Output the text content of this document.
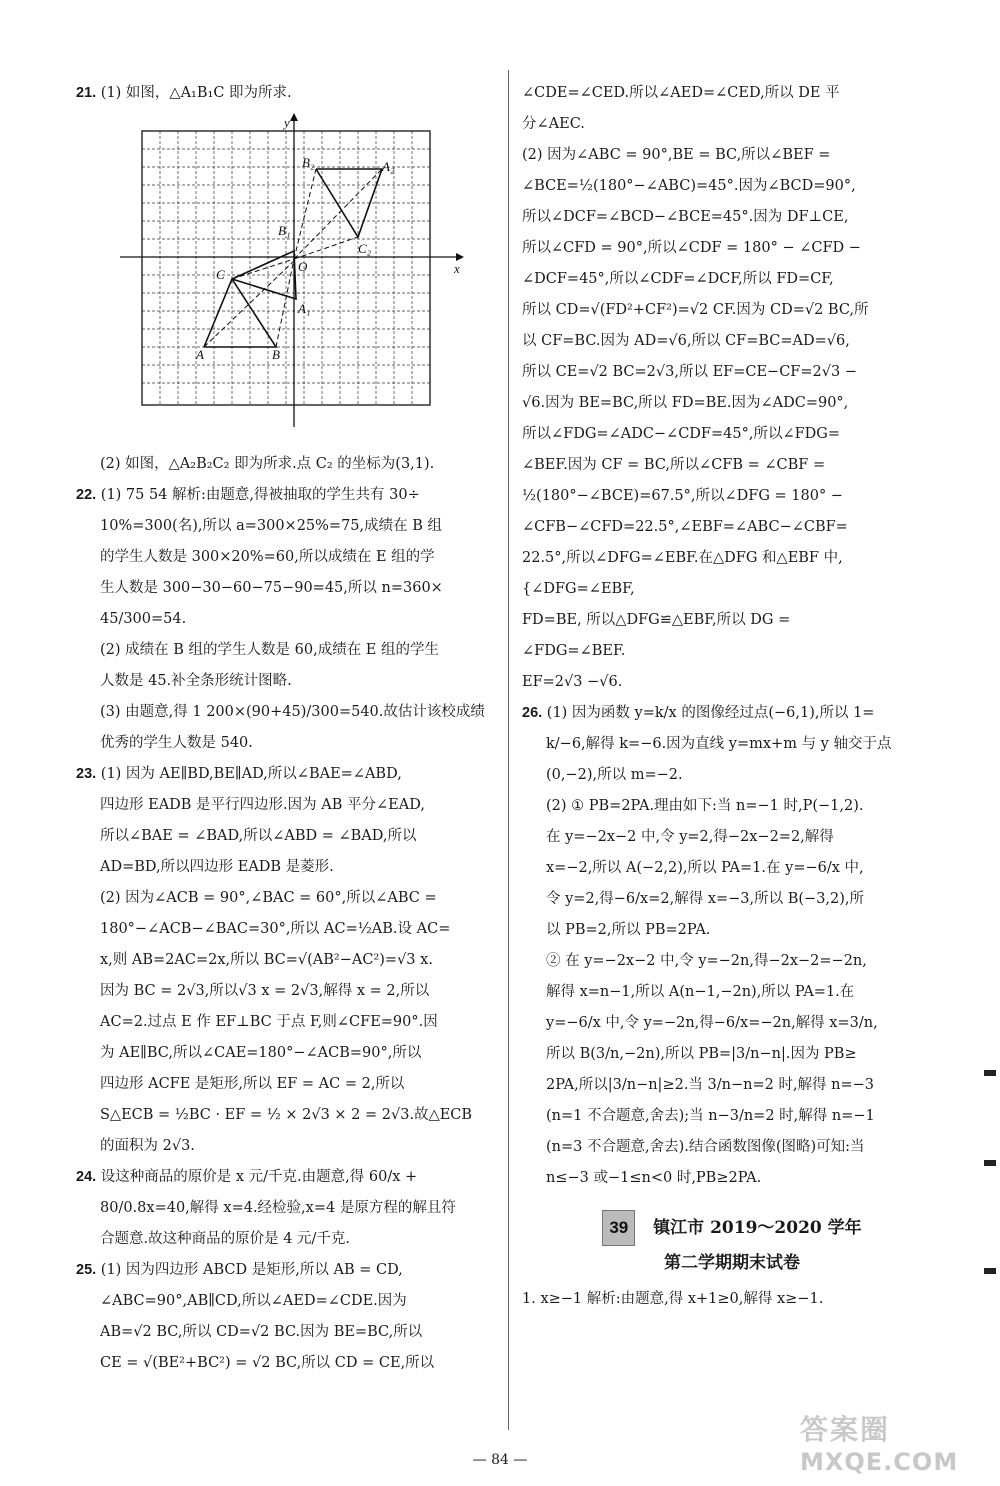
21. (1) 如图，△A₁B₁C 即为所求.
y
x
O
A	B
C
A₁
B₁
A₂
B₂
C₂
(2) 如图，△A₂B₂C₂ 即为所求.点 C₂ 的坐标为(3,1).
22. (1) 75 54 解析:由题意,得被抽取的学生共有 30÷
10%=300(名),所以 a=300×25%=75,成绩在 B 组
的学生人数是 300×20%=60,所以成绩在 E 组的学
生人数是 300−30−60−75−90=45,所以 n=360×
45/300=54.
(2) 成绩在 B 组的学生人数是 60,成绩在 E 组的学生
人数是 45.补全条形统计图略.
(3) 由题意,得 1 200×(90+45)/300=540.故估计该校成绩
优秀的学生人数是 540.
23. (1) 因为 AE∥BD,BE∥AD,所以∠BAE=∠ABD,
四边形 EADB 是平行四边形.因为 AB 平分∠EAD,
所以∠BAE = ∠BAD,所以∠ABD = ∠BAD,所以
AD=BD,所以四边形 EADB 是菱形.
(2) 因为∠ACB = 90°,∠BAC = 60°,所以∠ABC =
180°−∠ACB−∠BAC=30°,所以 AC=½AB.设 AC=
x,则 AB=2AC=2x,所以 BC=√(AB²−AC²)=√3 x.
因为 BC = 2√3,所以√3 x = 2√3,解得 x = 2,所以
AC=2.过点 E 作 EF⊥BC 于点 F,则∠CFE=90°.因
为 AE∥BC,所以∠CAE=180°−∠ACB=90°,所以
四边形 ACFE 是矩形,所以 EF = AC = 2,所以
S△ECB = ½BC · EF = ½ × 2√3 × 2 = 2√3.故△ECB
的面积为 2√3.
24. 设这种商品的原价是 x 元/千克.由题意,得 60/x +
80/0.8x=40,解得 x=4.经检验,x=4 是原方程的解且符
合题意.故这种商品的原价是 4 元/千克.
25. (1) 因为四边形 ABCD 是矩形,所以 AB = CD,
∠ABC=90°,AB∥CD,所以∠AED=∠CDE.因为
AB=√2 BC,所以 CD=√2 BC.因为 BE=BC,所以
CE = √(BE²+BC²) = √2 BC,所以 CD = CE,所以
∠CDE=∠CED.所以∠AED=∠CED,所以 DE 平
分∠AEC.
(2) 因为∠ABC = 90°,BE = BC,所以∠BEF =
∠BCE=½(180°−∠ABC)=45°.因为∠BCD=90°,
所以∠DCF=∠BCD−∠BCE=45°.因为 DF⊥CE,
所以∠CFD = 90°,所以∠CDF = 180° − ∠CFD −
∠DCF=45°,所以∠CDF=∠DCF,所以 FD=CF,
所以 CD=√(FD²+CF²)=√2 CF.因为 CD=√2 BC,所
以 CF=BC.因为 AD=√6,所以 CF=BC=AD=√6,
所以 CE=√2 BC=2√3,所以 EF=CE−CF=2√3 −
√6.因为 BE=BC,所以 FD=BE.因为∠ADC=90°,
所以∠FDG=∠ADC−∠CDF=45°,所以∠FDG=
∠BEF.因为 CF = BC,所以∠CFB = ∠CBF =
½(180°−∠BCE)=67.5°,所以∠DFG = 180° −
∠CFB−∠CFD=22.5°,∠EBF=∠ABC−∠CBF=
22.5°,所以∠DFG=∠EBF.在△DFG 和△EBF 中,
{∠DFG=∠EBF,
FD=BE, 所以△DFG≌△EBF,所以 DG =
∠FDG=∠BEF.
EF=2√3 −√6.
26. (1) 因为函数 y=k/x 的图像经过点(−6,1),所以 1=
k/−6,解得 k=−6.因为直线 y=mx+m 与 y 轴交于点
(0,−2),所以 m=−2.
(2) ① PB=2PA.理由如下:当 n=−1 时,P(−1,2).
在 y=−2x−2 中,令 y=2,得−2x−2=2,解得
x=−2,所以 A(−2,2),所以 PA=1.在 y=−6/x 中,
令 y=2,得−6/x=2,解得 x=−3,所以 B(−3,2),所
以 PB=2,所以 PB=2PA.
② 在 y=−2x−2 中,令 y=−2n,得−2x−2=−2n,
解得 x=n−1,所以 A(n−1,−2n),所以 PA=1.在
y=−6/x 中,令 y=−2n,得−6/x=−2n,解得 x=3/n,
所以 B(3/n,−2n),所以 PB=|3/n−n|.因为 PB≥
2PA,所以|3/n−n|≥2.当 3/n−n=2 时,解得 n=−3
(n=1 不合题意,舍去);当 n−3/n=2 时,解得 n=−1
(n=3 不合题意,舍去).结合函数图像(图略)可知:当
n≤−3 或−1≤n<0 时,PB≥2PA.
39 镇江市 2019～2020 学年
第二学期期末试卷
1. x≥−1 解析:由题意,得 x+1≥0,解得 x≥−1.
— 84 —
答案圈
MXQE.COM
